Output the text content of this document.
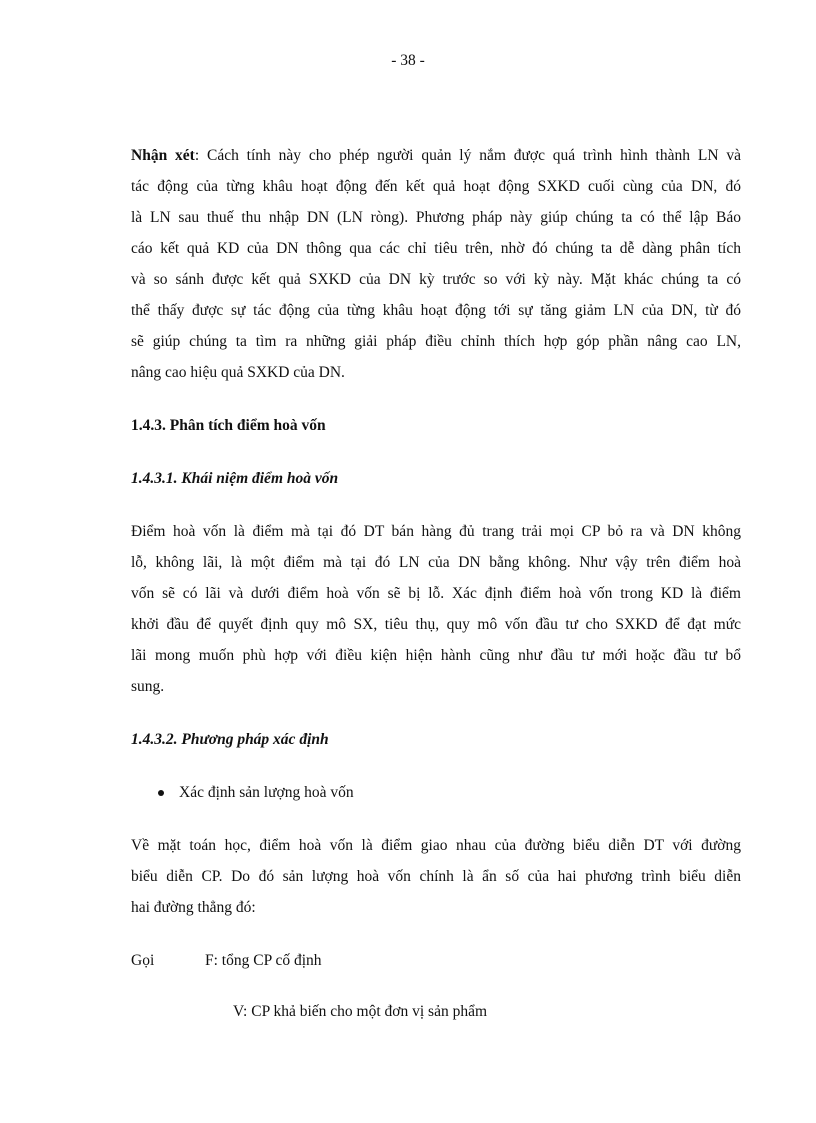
- 38 -
Nhận xét: Cách tính này cho phép người quản lý nắm được quá trình hình thành LN và
tác động của từng khâu hoạt động đến kết quả hoạt động SXKD cuối cùng của DN, đó
là LN sau thuế thu nhập DN (LN ròng). Phương pháp này giúp chúng ta có thể lập Báo
cáo kết quả KD của DN thông qua các chỉ tiêu trên, nhờ đó chúng ta dễ dàng phân tích
và so sánh được kết quả SXKD của DN kỳ trước so với kỳ này. Mặt khác chúng ta có
thể thấy được sự tác động của từng khâu hoạt động tới sự tăng giảm LN của DN, từ đó
sẽ giúp chúng ta tìm ra những giải pháp điều chỉnh thích hợp góp phần nâng cao LN,
nâng cao hiệu quả SXKD của DN.
1.4.3. Phân tích điểm hoà vốn
1.4.3.1. Khái niệm điểm hoà vốn
Điểm hoà vốn là điểm mà tại đó DT bán hàng đủ trang trải mọi CP bỏ ra và DN không
lỗ, không lãi, là một điểm mà tại đó LN của DN bằng không. Như vậy trên điểm hoà
vốn sẽ có lãi và dưới điểm hoà vốn sẽ bị lỗ. Xác định điểm hoà vốn trong KD là điểm
khởi đầu để quyết định quy mô SX, tiêu thụ, quy mô vốn đầu tư cho SXKD để đạt mức
lãi mong muốn phù hợp với điều kiện hiện hành cũng như đầu tư mới hoặc đầu tư bổ
sung.
1.4.3.2. Phương pháp xác định
Xác định sản lượng hoà vốn
Về mặt toán học, điểm hoà vốn là điểm giao nhau của đường biểu diễn DT với đường
biểu diễn CP. Do đó sản lượng hoà vốn chính là ẩn số của hai phương trình biểu diễn
hai đường thẳng đó:
Gọi	F: tổng CP cố định
V: CP khả biến cho một đơn vị sản phẩm
